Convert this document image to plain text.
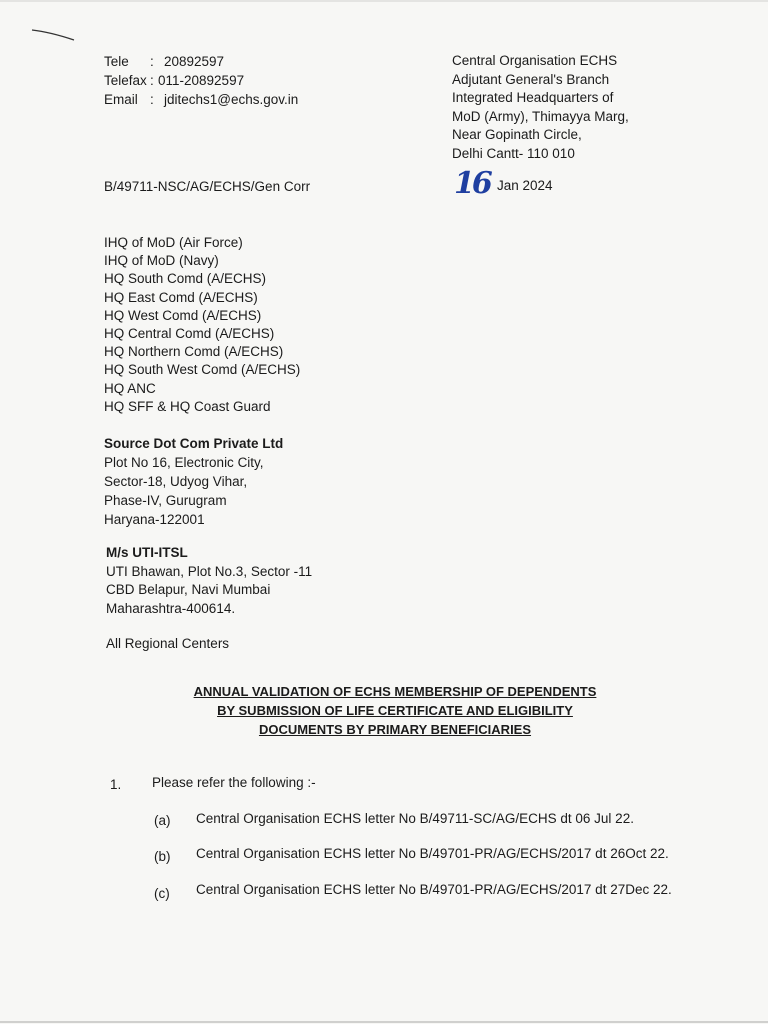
Tele	: 20892597
Telefax : 011-20892597
Email : jditechs1@echs.gov.in
Central Organisation ECHS
Adjutant General's Branch
Integrated Headquarters of
MoD (Army), Thimayya Marg,
Near Gopinath Circle,
Delhi Cantt- 110 010
B/49711-NSC/AG/ECHS/Gen Corr	16 Jan 2024
IHQ of MoD (Air Force)
IHQ of MoD (Navy)
HQ South Comd (A/ECHS)
HQ East Comd (A/ECHS)
HQ West Comd (A/ECHS)
HQ Central Comd (A/ECHS)
HQ Northern Comd (A/ECHS)
HQ South West Comd (A/ECHS)
HQ ANC
HQ SFF & HQ Coast Guard
Source Dot Com Private Ltd
Plot No 16, Electronic City,
Sector-18, Udyog Vihar,
Phase-IV, Gurugram
Haryana-122001
M/s UTI-ITSL
UTI Bhawan, Plot No.3, Sector -11
CBD Belapur, Navi Mumbai
Maharashtra-400614.
All Regional Centers
ANNUAL VALIDATION OF ECHS MEMBERSHIP OF DEPENDENTS
BY SUBMISSION OF LIFE CERTIFICATE AND ELIGIBILITY
DOCUMENTS BY PRIMARY BENEFICIARIES
1. Please refer the following :-
(a) Central Organisation ECHS letter No B/49711-SC/AG/ECHS dt 06 Jul 22.
(b) Central Organisation ECHS letter No B/49701-PR/AG/ECHS/2017 dt 26Oct 22.
(c) Central Organisation ECHS letter No B/49701-PR/AG/ECHS/2017 dt 27Dec 22.
